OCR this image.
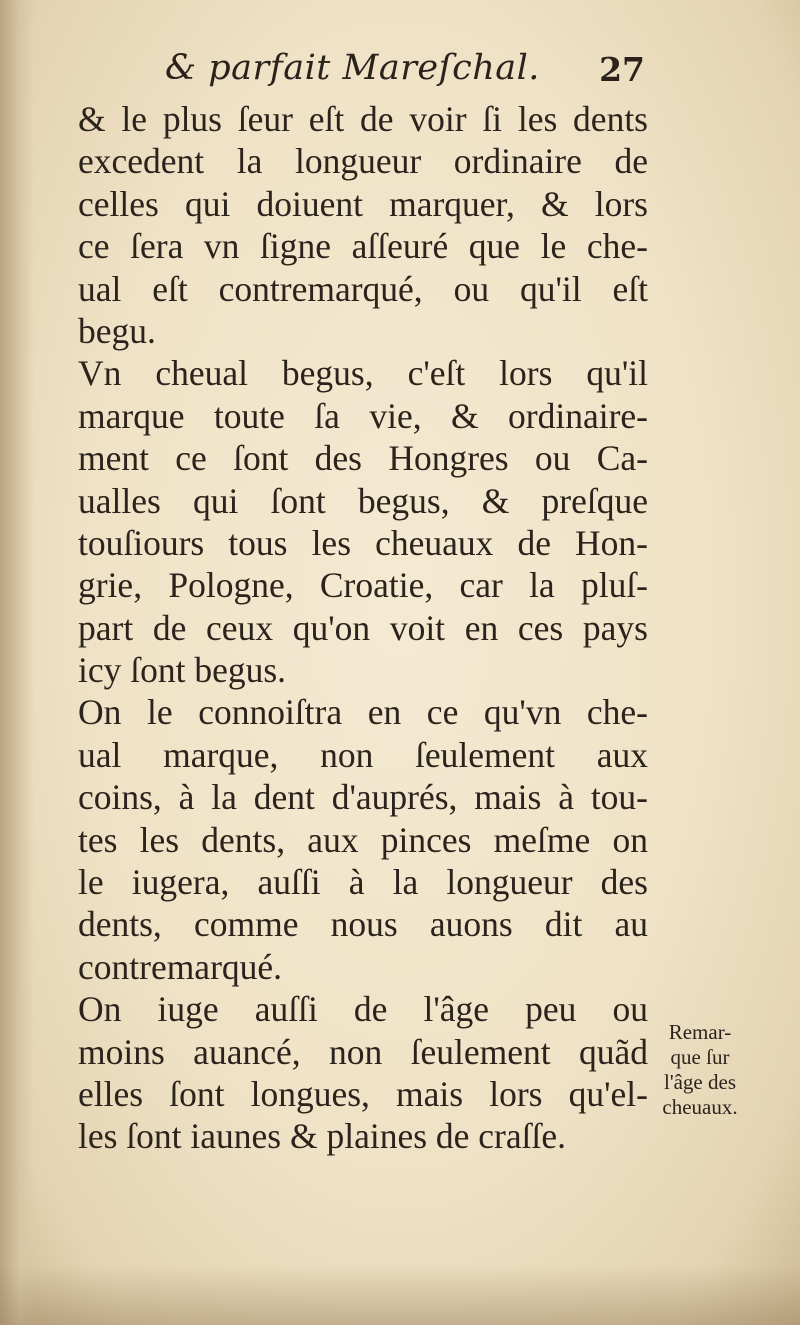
& parfait Mareſchal. 27
& le plus ſeur eſt de voir ſi les dents
excedent la longueur ordinaire de
celles qui doiuent marquer, & lors
ce ſera vn ſigne aſſeuré que le che-
ual eſt contremarqué, ou qu'il eſt
begu.
Vn cheual begus, c'eſt lors qu'il
marque toute ſa vie, & ordinaire-
ment ce ſont des Hongres ou Ca-
ualles qui ſont begus, & preſque
touſiours tous les cheuaux de Hon-
grie, Pologne, Croatie, car la pluſ-
part de ceux qu'on voit en ces pays
icy ſont begus.
On le connoiſtra en ce qu'vn che-
ual marque, non ſeulement aux
coins, à la dent d'auprés, mais à tou-
tes les dents, aux pinces meſme on
le iugera, auſſi à la longueur des
dents, comme nous auons dit au
contremarqué.
On iuge auſſi de l'âge peu ou
moins auancé, non ſeulement quãd
elles ſont longues, mais lors qu'el-
les ſont iaunes & plaines de craſſe.
Remar-
que ſur
l'âge des
cheuaux.
